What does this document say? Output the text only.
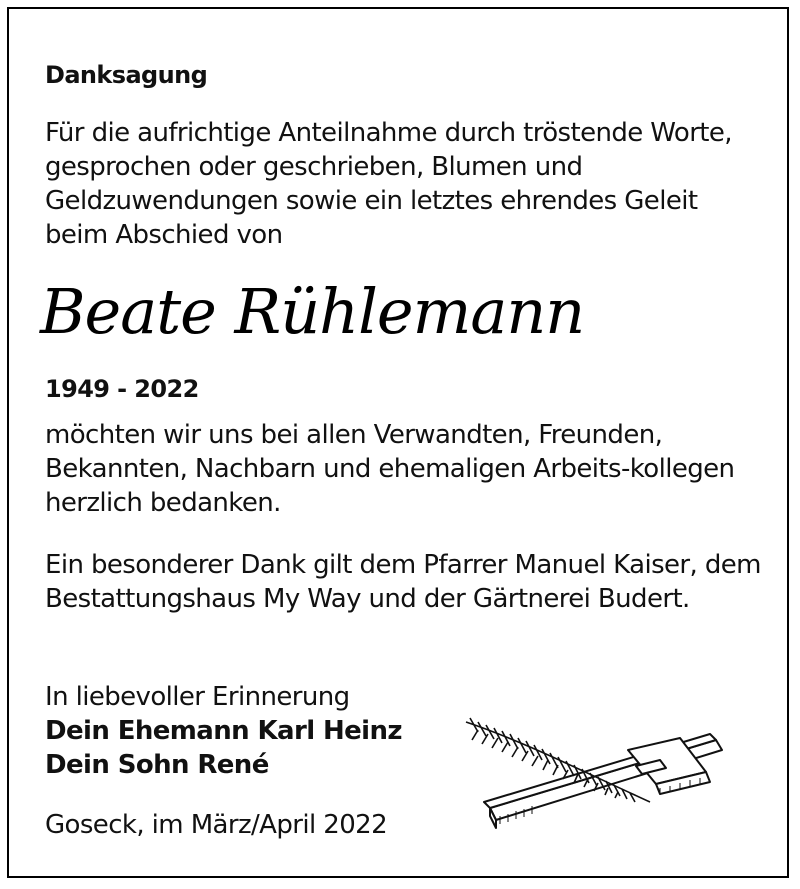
Danksagung

Für die aufrichtige Anteilnahme durch tröstende Worte, gesprochen oder geschrieben, Blumen und Geldzuwendungen sowie ein letztes ehrendes Geleit beim Abschied von

Beate Rühlemann

1949 - 2022

möchten wir uns bei allen Verwandten, Freunden, Bekannten, Nachbarn und ehemaligen Arbeits-kollegen herzlich bedanken.

Ein besonderer Dank gilt dem Pfarrer Manuel Kaiser, dem Bestattungshaus My Way und der Gärtnerei Budert.

In liebevoller Erinnerung
Dein Ehemann Karl Heinz
Dein Sohn René

Goseck, im März/April 2022
